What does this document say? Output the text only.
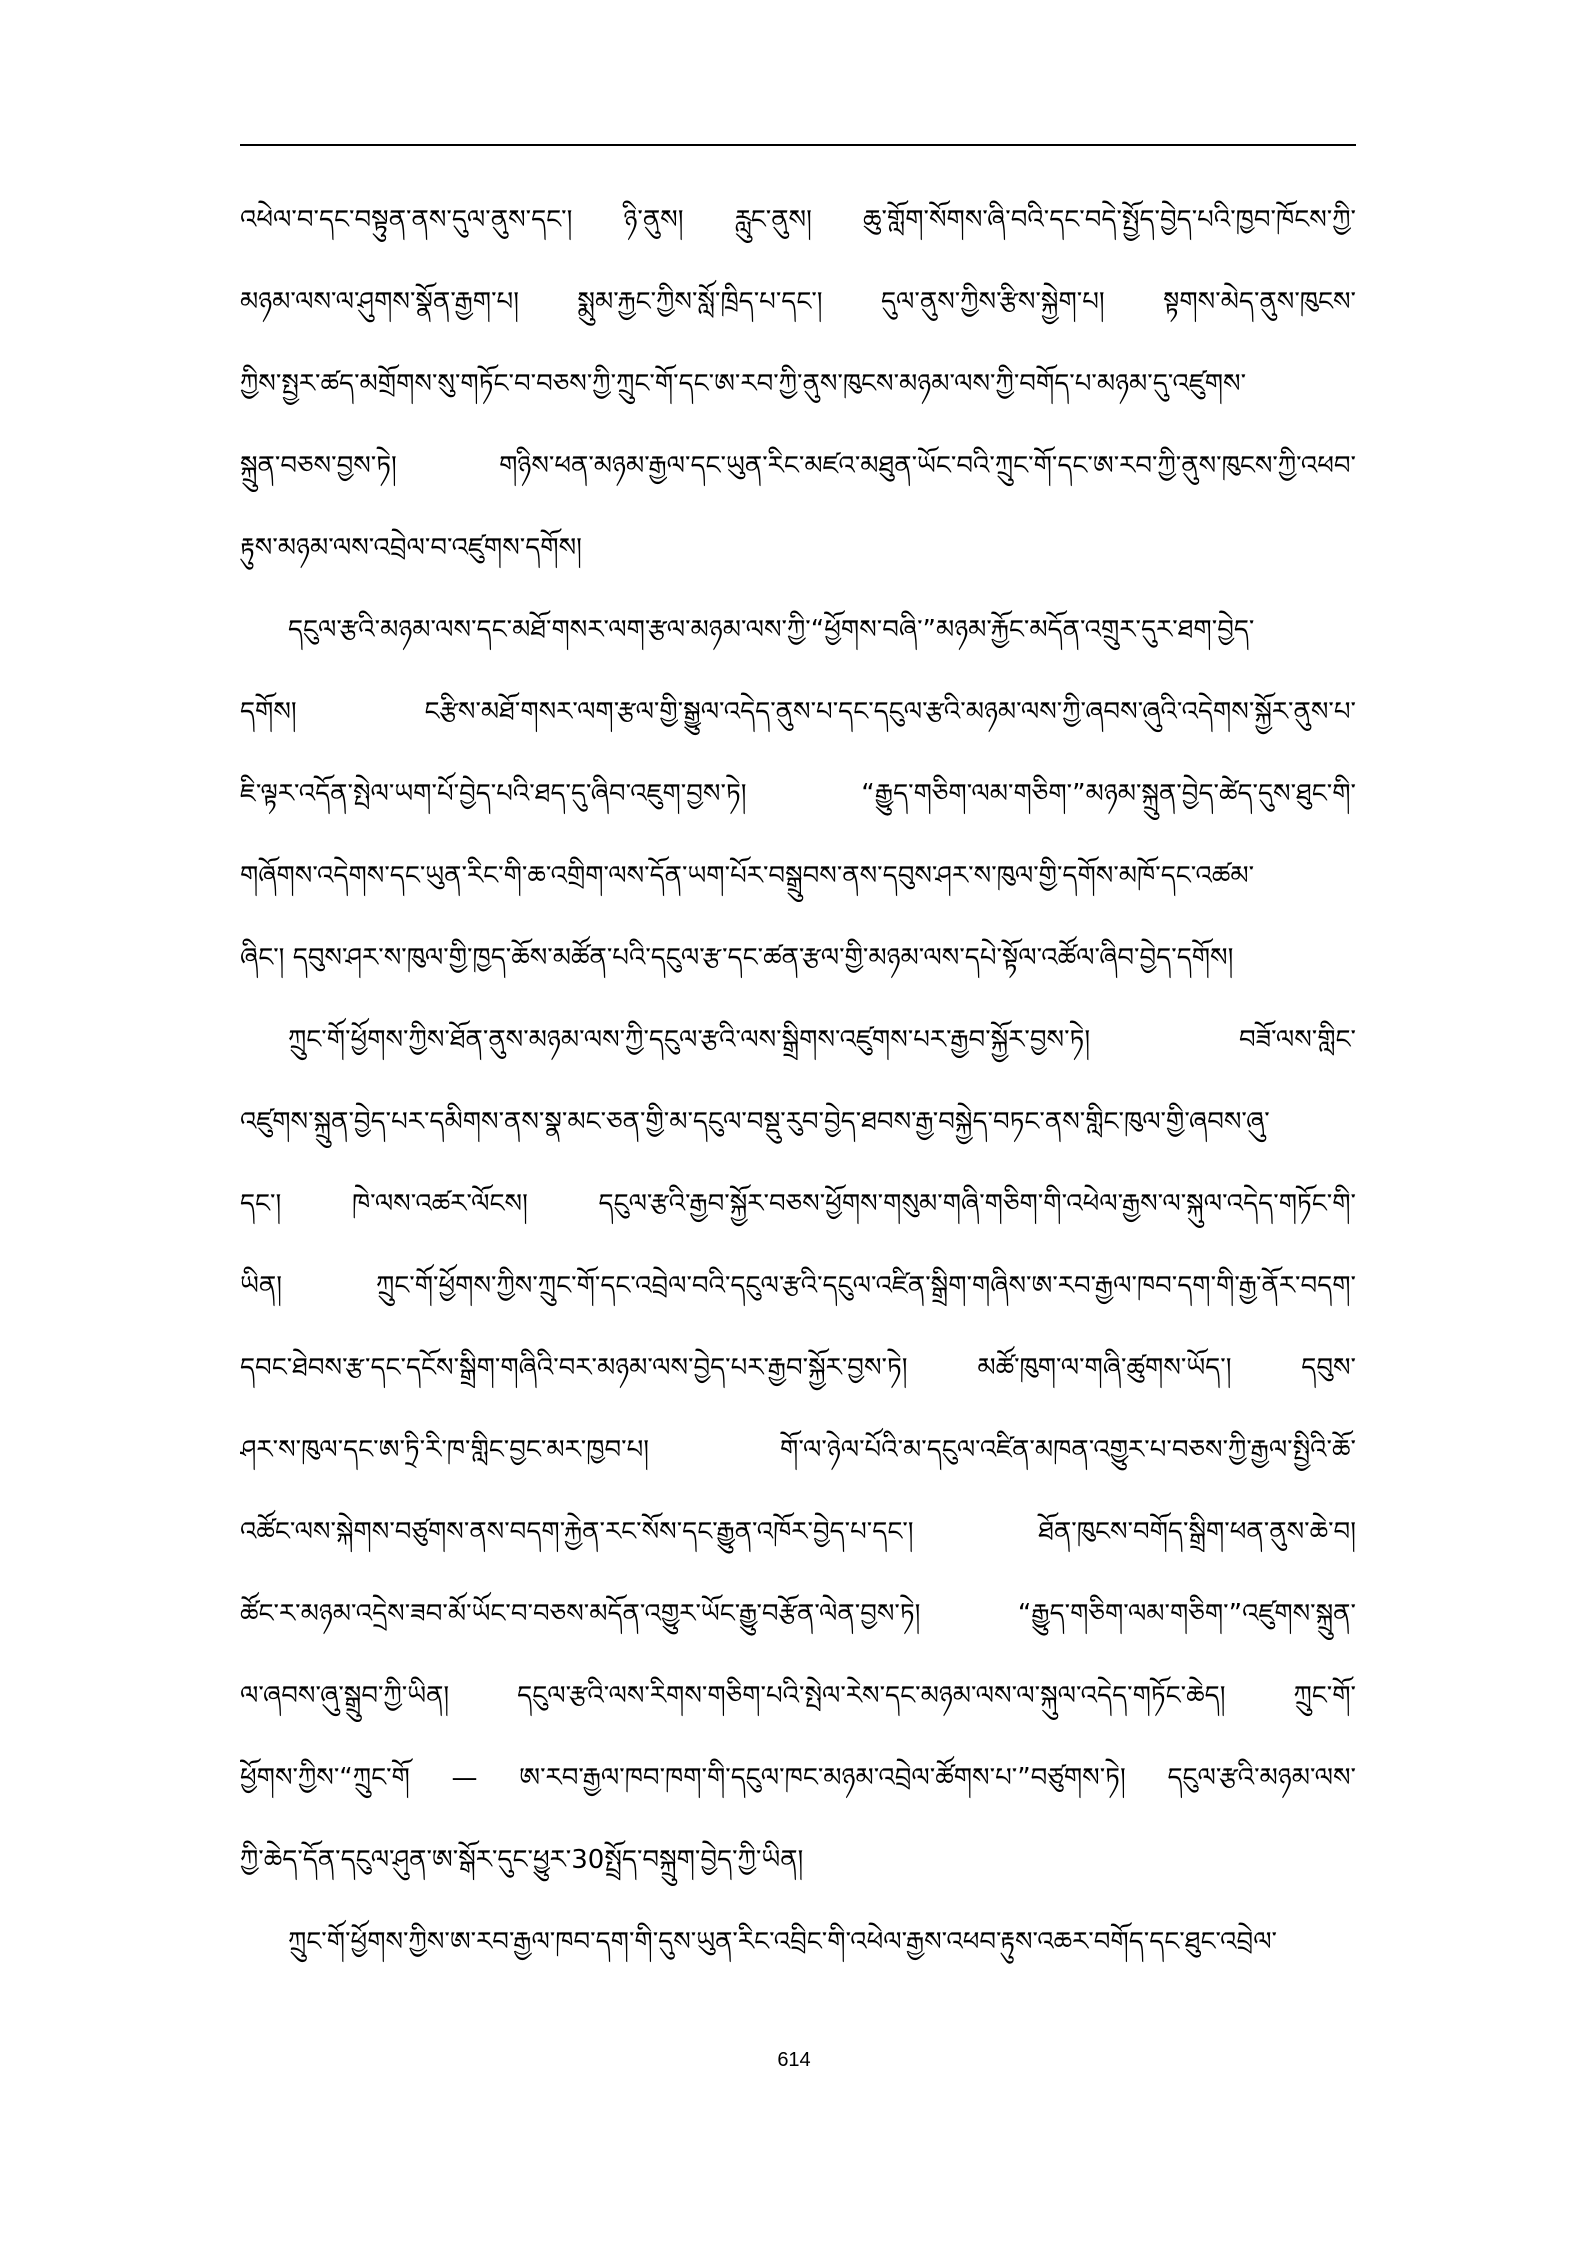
འཕེལ་བ་དང་བསྟུན་ནས་དུལ་ནུས་དང་། ཉི་ནུས། རླུང་ནུས། ཆུ་གློག་སོགས་ཞི་བའི་དང་བདེ་སྤྱོད་བྱེད་པའི་ཁྱབ་ཁོངས་ཀྱི་
མཉམ་ལས་ལ་ཤུགས་སྣོན་རྒྱག་པ། སྨུམ་རྐྱང་ཀྱིས་སློ་ཁྲིད་པ་དང་། དུལ་ནུས་ཀྱིས་རྩིས་སྐྱེག་པ། སྟགས་མེད་ནུས་ཁུངས་
ཀྱིས་སྤྱར་ཚད་མགྲོགས་སུ་གཏོང་བ་བཅས་ཀྱི་ཀྲུང་གོ་དང་ཨ་རབ་ཀྱི་ནུས་ཁུངས་མཉམ་ལས་ཀྱི་བགོད་པ་མཉམ་དུ་འཛུགས་
སྐྲུན་བཅས་བྱས་ཏེ། གཉིས་ཕན་མཉམ་རྒྱལ་དང་ཡུན་རིང་མཛའ་མཐུན་ཡོང་བའི་ཀྲུང་གོ་དང་ཨ་རབ་ཀྱི་ནུས་ཁུངས་ཀྱི་འཕབ་
རྟུས་མཉམ་ལས་འབྲེལ་བ་འཛུགས་དགོས།
དངུལ་རྩའི་མཉམ་ལས་དང་མཐོ་གསར་ལག་རྩལ་མཉམ་ལས་ཀྱི་“ཕྱོགས་བཞི་”མཉམ་རྐྱོང་མདོན་འགྲུར་དུར་ཐག་བྱེད་
དགོས། ངརྩིས་མཐོ་གསར་ལག་རྩལ་གྱི་སྒྱུལ་འདེད་ནུས་པ་དང་དངུལ་རྩའི་མཉམ་ལས་ཀྱི་ཞབས་ཞུའི་འདེགས་སྐྱོར་ནུས་པ་
ཇི་ལྟར་འདོན་སྤེལ་ཡག་པོ་བྱེད་པའི་ཐད་དུ་ཞིབ་འཇུག་བྱས་ཏེ། “རྒྱུད་གཅིག་ལམ་གཅིག་”མཉམ་སྐྲུན་བྱེད་ཚེད་དུས་ཐུང་གི་
གཞོགས་འདེགས་དང་ཡུན་རིང་གི་ཆ་འགྲིག་ལས་དོན་ཡག་པོར་བསྒྲུབས་ནས་དབུས་ཤར་ས་ཁུལ་གྱི་དགོས་མཁོ་དང་འཚམ་
ཞིང་། དབུས་ཤར་ས་ཁུལ་གྱི་ཁྱད་ཆོས་མཚོན་པའི་དངུལ་རྩ་དང་ཚན་རྩལ་གྱི་མཉམ་ལས་དཔེ་སྟོལ་འཚོལ་ཞིབ་བྱེད་དགོས།
ཀྲུང་གོ་ཕྱོགས་ཀྱིས་ཐོན་ནུས་མཉམ་ལས་ཀྱི་དངུལ་རྩའི་ལས་སྒྲིགས་འཛུགས་པར་རྒྱབ་སྐྱོར་བྱས་ཏེ། བཟོ་ལས་གླིང་
འཛུགས་སྐྲུན་བྱེད་པར་དམིགས་ནས་སྣ་མང་ཅན་གྱི་མ་དངུལ་བསྡུ་རུབ་བྱེད་ཐབས་རྒྱ་བསྐྱེད་བཏང་ནས་གླིང་ཁུལ་གྱི་ཞབས་ཞུ་
དང་། ཁེ་ལས་འཚར་ལོངས། དངུལ་རྩའི་རྒྱབ་སྐྱོར་བཅས་ཕྱོགས་གསུམ་གཞི་གཅིག་གི་འཕེལ་རྒྱས་ལ་སྐུལ་འདེད་གཏོང་གི་
ཡིན། ཀྲུང་གོ་ཕྱོགས་ཀྱིས་ཀྲུང་གོ་དང་འབྲེལ་བའི་དངུལ་རྩའི་དངུལ་འཛིན་སྒྲིག་གཞིས་ཨ་རབ་རྒྱལ་ཁབ་དག་གི་རྒྱ་ནོར་བདག་
དབང་ཐེབས་རྩ་དང་དངོས་སྒྲིག་གཞིའི་བར་མཉམ་ལས་བྱེད་པར་རྒྱབ་སྐྱོར་བྱས་ཏེ། མཚོ་ཁུག་ལ་གཞི་ཚུགས་ཡོད་། དབུས་
ཤར་ས་ཁུལ་དང་ཨ་ཏྲི་རི་ཁ་གླིང་བྱང་མར་ཁྱབ་པ། གོ་ལ་ཉེལ་པོའི་མ་དངུལ་འཛིན་མཁན་འགྱུར་པ་བཅས་ཀྱི་རྒྱལ་སྤྱིའི་ཆོ་
འཚོང་ལས་སྐེགས་བཙུགས་ནས་བདག་རྐྱེན་རང་སོས་དང་རྒྱུན་འཁོར་བྱེད་པ་དང་། ཐོན་ཁུངས་བགོད་སྒྲིག་ཕན་ནུས་ཆེ་བ།
ཚོང་ར་མཉམ་འདྲེས་ཟབ་མོ་ཡོང་བ་བཅས་མདོན་འགྱུར་ཡོང་རྒྱུ་བརྩོན་ལེན་བྱས་ཏེ། “རྒྱུད་གཅིག་ལམ་གཅིག་”འཛུགས་སྐྲུན་
ལ་ཞབས་ཞུ་སྒྲུབ་ཀྱི་ཡིན། དངུལ་རྩའི་ལས་རིགས་གཅིག་པའི་སྤེལ་རེས་དང་མཉམ་ལས་ལ་སྐུལ་འདེད་གཏོང་ཆེད། ཀྲུང་གོ་
ཕྱོགས་ཀྱིས་“ཀྲུང་གོ — ཨ་རབ་རྒྱལ་ཁབ་ཁག་གི་དངུལ་ཁང་མཉམ་འབྲེལ་ཚོགས་པ་”བཙུགས་ཏེ། དངུལ་རྩའི་མཉམ་ལས་
ཀྱི་ཆེད་དོན་དངུལ་ཤུན་ཨ་སྒོར་དུང་ཕྱུར་30སྤྲོད་བསྐྲུག་བྱེད་ཀྱི་ཡིན།
ཀྲུང་གོ་ཕྱོགས་ཀྱིས་ཨ་རབ་རྒྱལ་ཁབ་དག་གི་དུས་ཡུན་རིང་འབྲིང་གི་འཕེལ་རྒྱས་འཕབ་རྟུས་འཆར་བགོད་དང་ཐུང་འབྲེལ་
614
